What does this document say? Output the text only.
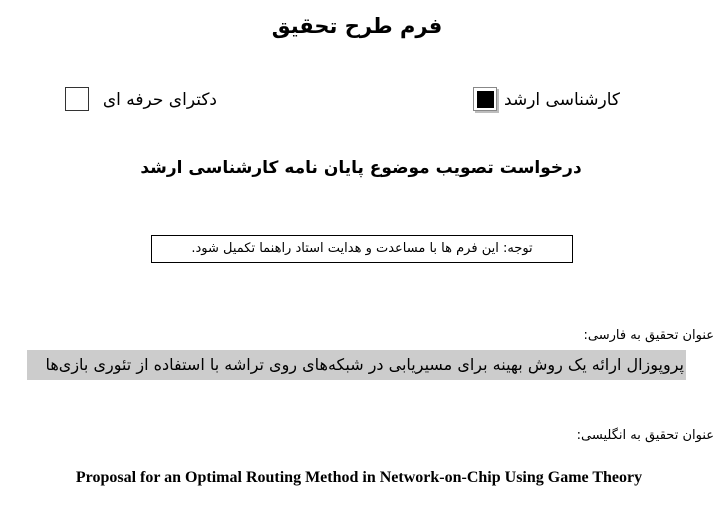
فرم طرح تحقیق
کارشناسی ارشد
دکترای حرفه ای
درخواست تصویب موضوع پایان نامه کارشناسی ارشد
توجه: این فرم ها با مساعدت و هدایت استاد راهنما تکمیل شود.
عنوان تحقیق به فارسی:
پروپوزال ارائه یک روش بهینه برای مسیریابی در شبکه‌های روی تراشه با استفاده از تئوری بازی‌ها
عنوان تحقیق به انگلیسی:
Proposal for an Optimal Routing Method in Network-on-Chip Using Game Theory
